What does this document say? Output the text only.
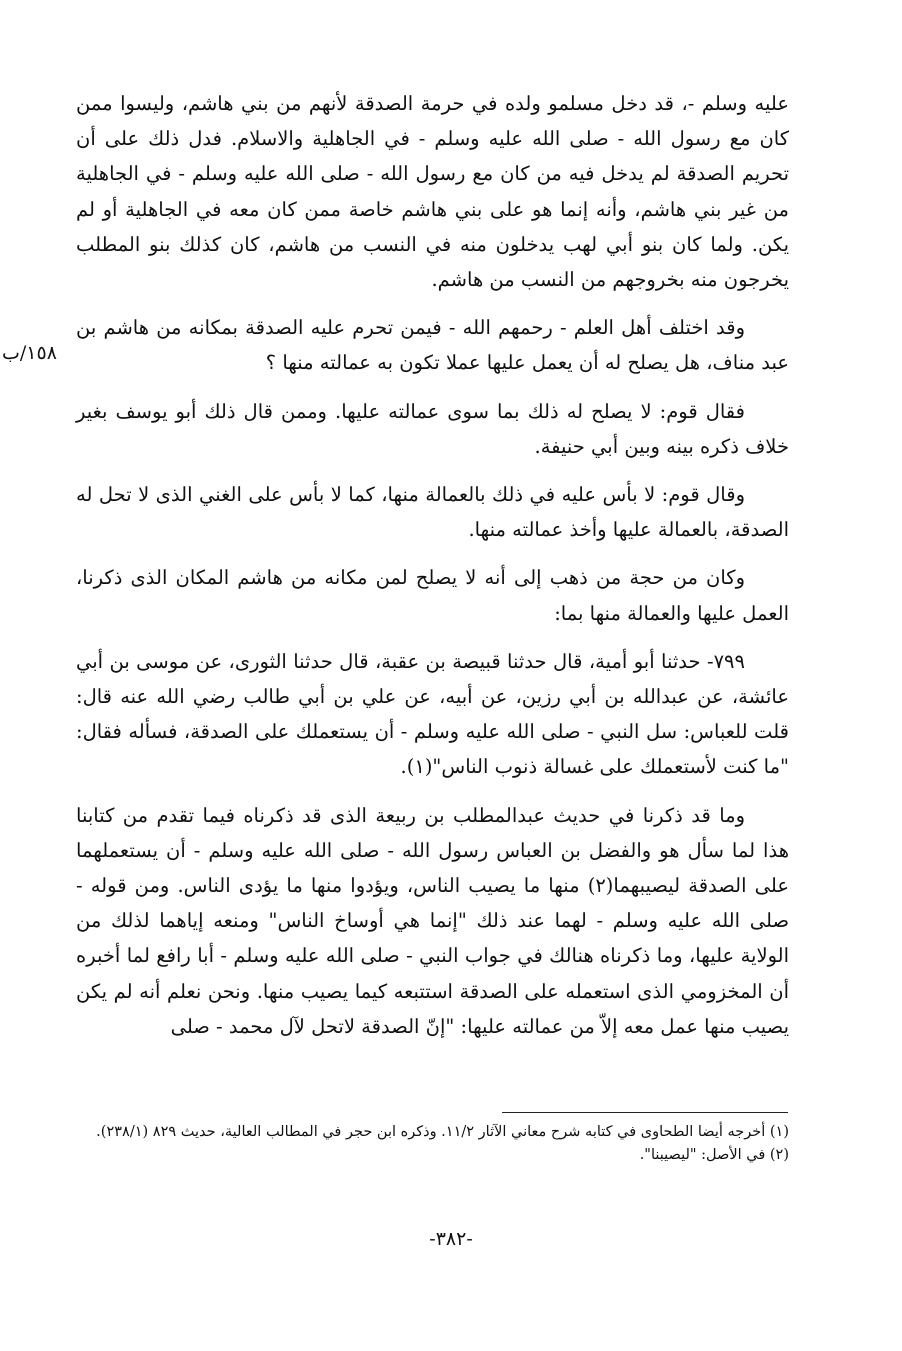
١٥٨/ب

عليه وسلم -، قد دخل مسلمو ولده في حرمة الصدقة لأنهم من بني هاشم، وليسوا ممن كان مع رسول الله - صلى الله عليه وسلم - في الجاهلية والاسلام. فدل ذلك على أن تحريم الصدقة لم يدخل فيه من كان مع رسول الله - صلى الله عليه وسلم - في الجاهلية من غير بني هاشم، وأنه إنما هو على بني هاشم خاصة ممن كان معه في الجاهلية أو لم يكن. ولما كان بنو أبي لهب يدخلون منه في النسب من هاشم، كان كذلك بنو المطلب يخرجون منه بخروجهم من النسب من هاشم.

وقد اختلف أهل العلم - رحمهم الله - فيمن تحرم عليه الصدقة بمكانه من هاشم بن عبد مناف، هل يصلح له أن يعمل عليها عملا تكون به عمالته منها ؟

فقال قوم: لا يصلح له ذلك بما سوى عمالته عليها. وممن قال ذلك أبو يوسف بغير خلاف ذكره بينه وبين أبي حنيفة.

وقال قوم: لا بأس عليه في ذلك بالعمالة منها، كما لا بأس على الغني الذى لا تحل له الصدقة، بالعمالة عليها وأخذ عمالته منها.

وكان من حجة من ذهب إلى أنه لا يصلح لمن مكانه من هاشم المكان الذى ذكرنا، العمل عليها والعمالة منها بما:

٧٩٩- حدثنا أبو أمية، قال حدثنا قبيصة بن عقبة، قال حدثنا الثورى، عن موسى بن أبي عائشة، عن عبدالله بن أبي رزين، عن أبيه، عن علي بن أبي طالب رضي الله عنه قال: قلت للعباس: سل النبي - صلى الله عليه وسلم - أن يستعملك على الصدقة، فسأله فقال: "ما كنت لأستعملك على غسالة ذنوب الناس"(١).

وما قد ذكرنا في حديث عبدالمطلب بن ربيعة الذى قد ذكرناه فيما تقدم من كتابنا هذا لما سأل هو والفضل بن العباس رسول الله - صلى الله عليه وسلم - أن يستعملهما على الصدقة ليصيبهما(٢) منها ما يصيب الناس، ويؤدوا منها ما يؤدى الناس. ومن قوله - صلى الله عليه وسلم - لهما عند ذلك "إنما هي أوساخ الناس" ومنعه إياهما لذلك من الولاية عليها، وما ذكرناه هنالك في جواب النبي - صلى الله عليه وسلم - أبا رافع لما أخبره أن المخزومي الذى استعمله على الصدقة استتبعه كيما يصيب منها. ونحن نعلم أنه لم يكن يصيب منها عمل معه إلاّ من عمالته عليها: "إنّ الصدقة لاتحل لآل محمد - صلى

(١) أخرجه أيضا الطحاوى في كتابه شرح معاني الآثار ١١/٢. وذكره ابن حجر في المطالب العالية، حديث ٨٢٩ (٢٣٨/١).

(٢) في الأصل: "ليصيبنا".

-٣٨٢-
